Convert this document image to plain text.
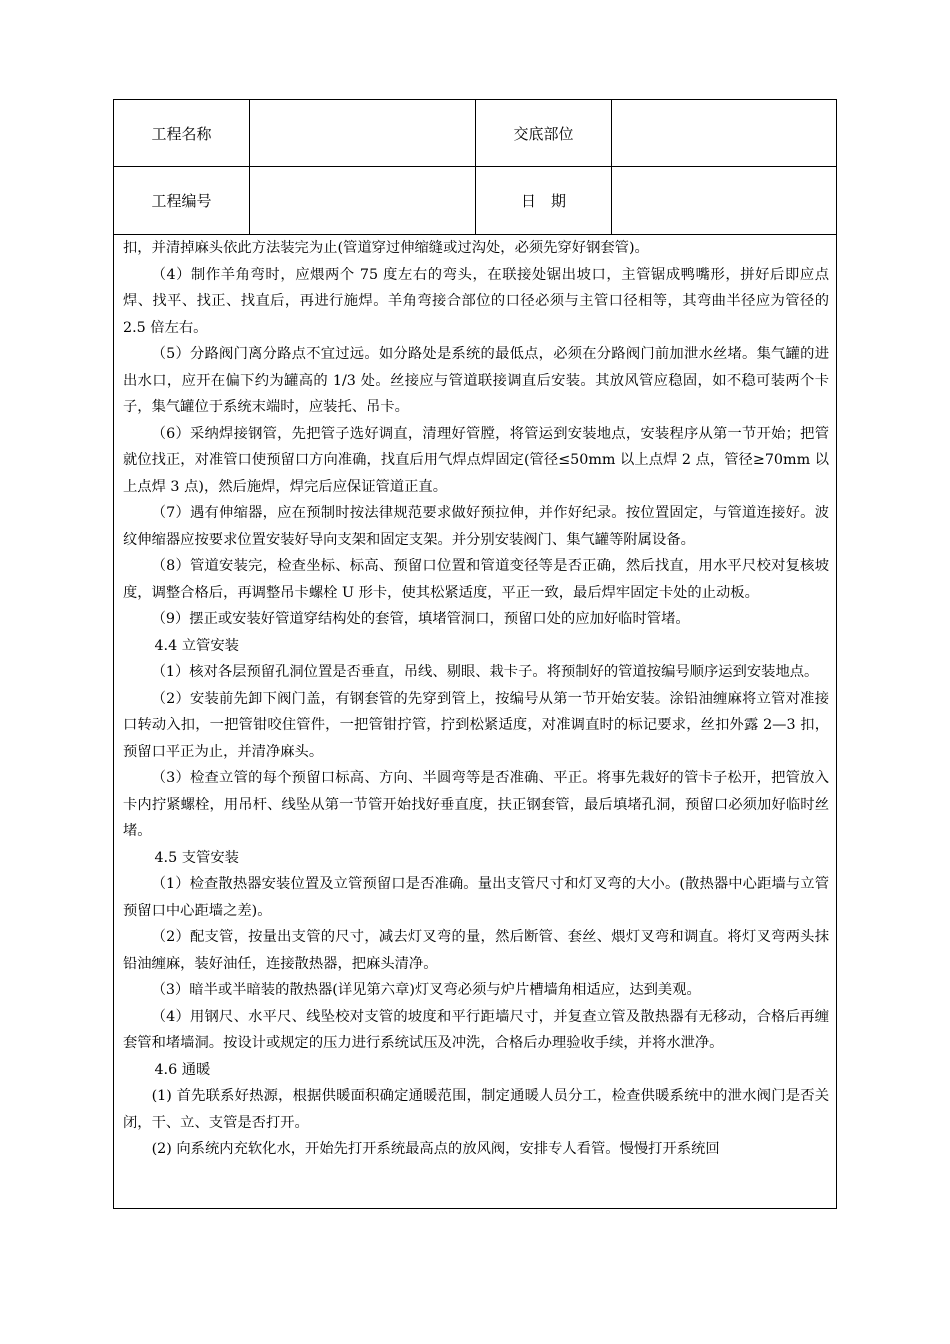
工程名称	交底部位
工程编号	日　期

扣，并清掉麻头依此方法装完为止(管道穿过伸缩缝或过沟处，必须先穿好钢套管)。

（4）制作羊角弯时，应煨两个 75 度左右的弯头，在联接处锯出坡口，主管锯成鸭嘴形，拼好后即应点焊、找平、找正、找直后，再进行施焊。羊角弯接合部位的口径必须与主管口径相等，其弯曲半径应为管径的 2.5 倍左右。

（5）分路阀门离分路点不宜过远。如分路处是系统的最低点，必须在分路阀门前加泄水丝堵。集气罐的进出水口，应开在偏下约为罐高的 1/3 处。丝接应与管道联接调直后安装。其放风管应稳固，如不稳可装两个卡子，集气罐位于系统末端时，应装托、吊卡。

（6）采纳焊接钢管，先把管子选好调直，清理好管膛，将管运到安装地点，安装程序从第一节开始；把管就位找正，对准管口使预留口方向准确，找直后用气焊点焊固定(管径≤50mm 以上点焊 2 点，管径≥70mm 以上点焊 3 点)，然后施焊，焊完后应保证管道正直。

（7）遇有伸缩器，应在预制时按法律规范要求做好预拉伸，并作好纪录。按位置固定，与管道连接好。波纹伸缩器应按要求位置安装好导向支架和固定支架。并分别安装阀门、集气罐等附属设备。

（8）管道安装完，检查坐标、标高、预留口位置和管道变径等是否正确，然后找直，用水平尺校对复核坡度，调整合格后，再调整吊卡螺栓 U 形卡，使其松紧适度，平正一致，最后焊牢固定卡处的止动板。

（9）摆正或安装好管道穿结构处的套管，填堵管洞口，预留口处的应加好临时管堵。

4.4 立管安装

（1）核对各层预留孔洞位置是否垂直，吊线、剔眼、栽卡子。将预制好的管道按编号顺序运到安装地点。

（2）安装前先卸下阀门盖，有钢套管的先穿到管上，按编号从第一节开始安装。涂铅油缠麻将立管对准接口转动入扣，一把管钳咬住管件，一把管钳拧管，拧到松紧适度，对准调直时的标记要求，丝扣外露 2—3 扣，预留口平正为止，并清净麻头。

（3）检查立管的每个预留口标高、方向、半圆弯等是否准确、平正。将事先栽好的管卡子松开，把管放入卡内拧紧螺栓，用吊杆、线坠从第一节管开始找好垂直度，扶正钢套管，最后填堵孔洞，预留口必须加好临时丝堵。

4.5 支管安装

（1）检查散热器安装位置及立管预留口是否准确。量出支管尺寸和灯叉弯的大小。(散热器中心距墙与立管预留口中心距墙之差)。

（2）配支管，按量出支管的尺寸，减去灯叉弯的量，然后断管、套丝、煨灯叉弯和调直。将灯叉弯两头抹铅油缠麻，装好油任，连接散热器，把麻头清净。

（3）暗半或半暗装的散热器(详见第六章)灯叉弯必须与炉片槽墙角相适应，达到美观。

（4）用钢尺、水平尺、线坠校对支管的坡度和平行距墙尺寸，并复查立管及散热器有无移动，合格后再缠套管和堵墙洞。按设计或规定的压力进行系统试压及冲洗，合格后办理验收手续，并将水泄净。

4.6 通暖

(1) 首先联系好热源，根据供暖面积确定通暖范围，制定通暖人员分工，检查供暖系统中的泄水阀门是否关闭，干、立、支管是否打开。

(2) 向系统内充软化水，开始先打开系统最高点的放风阀，安排专人看管。慢慢打开系统回
